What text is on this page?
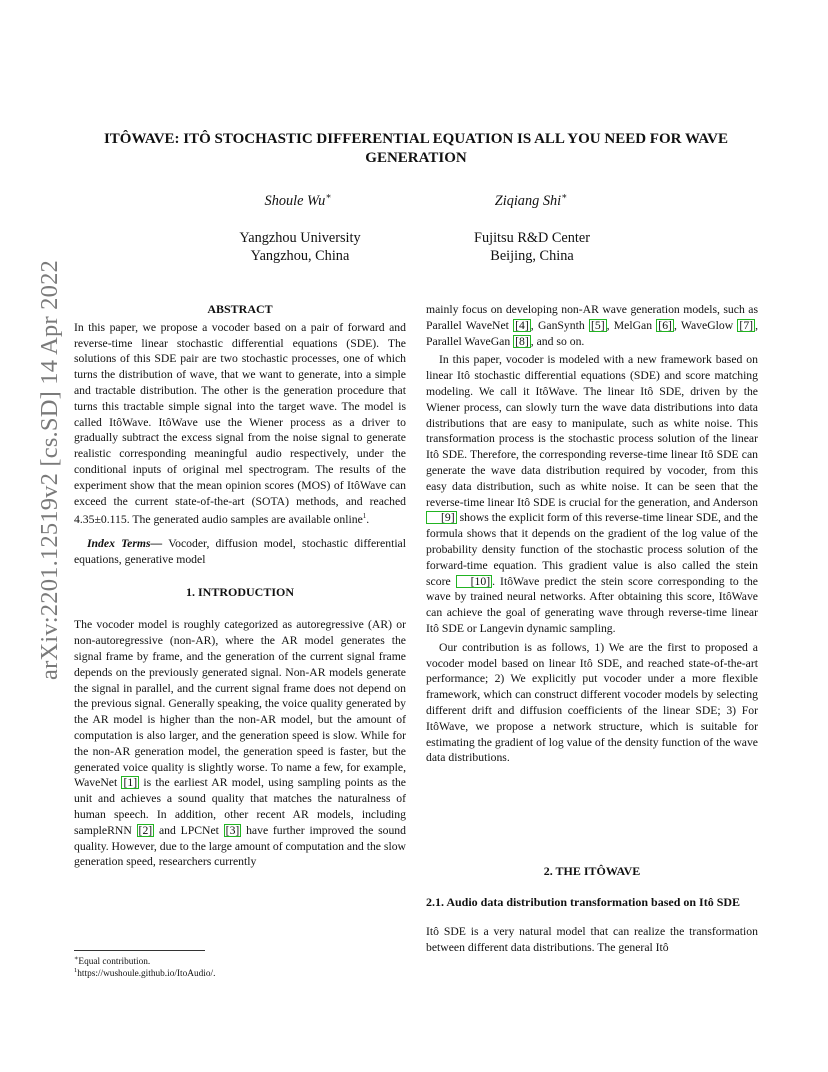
arXiv:2201.12519v2 [cs.SD] 14 Apr 2022
ITÔWAVE: ITÔ STOCHASTIC DIFFERENTIAL EQUATION IS ALL YOU NEED FOR WAVE
GENERATION
Shoule Wu∗	Ziqiang Shi∗
Yangzhou University
Yangzhou, China
Fujitsu R&D Center
Beijing, China

ABSTRACT

In this paper, we propose a vocoder based on a pair of forward and reverse-time linear stochastic differential equations (SDE). The solutions of this SDE pair are two stochastic processes, one of which turns the distribution of wave, that we want to generate, into a simple and tractable distribution. The other is the generation procedure that turns this tractable simple signal into the target wave. The model is called ItôWave. ItôWave use the Wiener process as a driver to gradually subtract the excess signal from the noise signal to generate realistic corresponding meaningful audio respectively, under the conditional inputs of original mel spectrogram. The results of the experiment show that the mean opinion scores (MOS) of ItôWave can exceed the current state-of-the-art (SOTA) methods, and reached 4.35±0.115. The generated audio samples are available online$^1$.

Index Terms— Vocoder, diffusion model, stochastic differential equations, generative model

1. INTRODUCTION

The vocoder model is roughly categorized as autoregressive (AR) or non-autoregressive (non-AR), where the AR model generates the signal frame by frame, and the generation of the current signal frame depends on the previously generated signal. Non-AR models generate the signal in parallel, and the current signal frame does not depend on the previous signal. Generally speaking, the voice quality generated by the AR model is higher than the non-AR model, but the amount of computation is also larger, and the generation speed is slow. While for the non-AR generation model, the generation speed is faster, but the generated voice quality is slightly worse. To name a few, for example, WaveNet [1] is the earliest AR model, using sampling points as the unit and achieves a sound quality that matches the naturalness of human speech. In addition, other recent AR models, including sampleRNN [2] and LPCNet [3] have further improved the sound quality. However, due to the large amount of computation and the slow generation speed, researchers currently

mainly focus on developing non-AR wave generation models, such as Parallel WaveNet [4] , GanSynth [5] , MelGan [6] , WaveGlow [7] , Parallel WaveGan [8] , and so on.

In this paper, vocoder is modeled with a new framework based on linear Itô stochastic differential equations (SDE) and score matching modeling. We call it ItôWave. The linear Itô SDE, driven by the Wiener process, can slowly turn the wave data distributions into data distributions that are easy to manipulate, such as white noise. This transformation process is the stochastic process solution of the linear Itô SDE. Therefore, the corresponding reverse-time linear Itô SDE can generate the wave data distribution required by vocoder, from this easy data distribution, such as white noise. It can be seen that the reverse-time linear Itô SDE is crucial for the generation, and Anderson [9] shows the explicit form of this reverse-time linear SDE, and the formula shows that it depends on the gradient of the log value of the probability density function of the stochastic process solution of the forward-time equation. This gradient value is also called the stein score [10] . ItôWave predict the stein score corresponding to the wave by trained neural networks. After obtaining this score, ItôWave can achieve the goal of generating wave through reverse-time linear Itô SDE or Langevin dynamic sampling.

Our contribution is as follows, 1) We are the first to proposed a vocoder model based on linear Itô SDE, and reached state-of-the-art performance; 2) We explicitly put vocoder under a more flexible framework, which can construct different vocoder models by selecting different drift and diffusion coefficients of the linear SDE; 3) For ItôWave, we propose a network structure, which is suitable for estimating the gradient of log value of the density function of the wave data distributions.

2. THE ITÔWAVE

2.1. Audio data distribution transformation based on Itô SDE

Itô SDE is a very natural model that can realize the transformation between different data distributions. The general Itô

∗Equal contribution.
$^1$https://wushoule.github.io/ItoAudio/.
